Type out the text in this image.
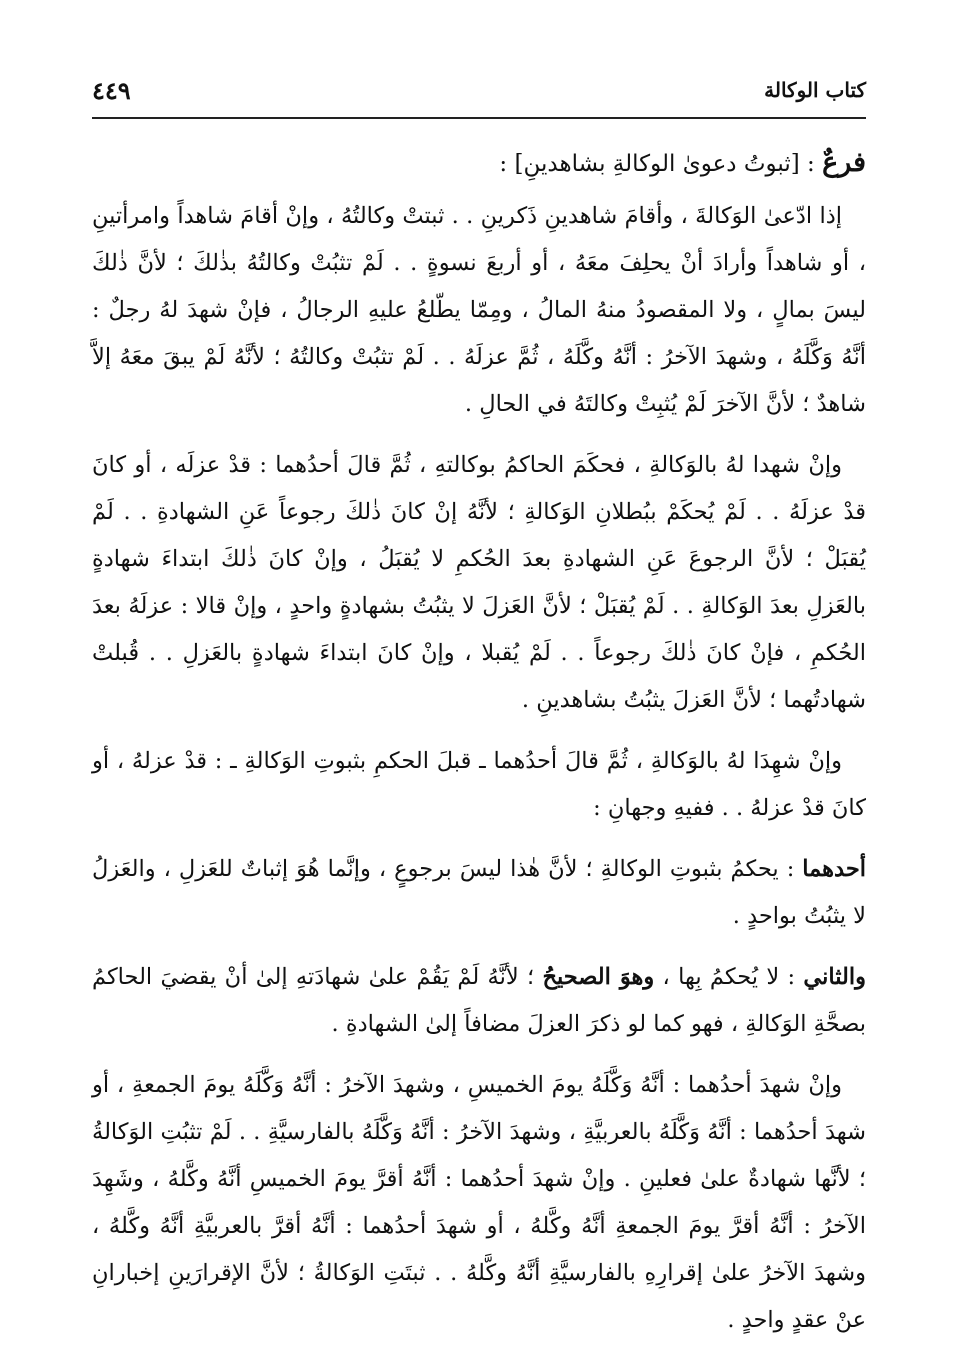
كتاب الوكالة
٤٤٩
فرعٌ : [ثبوتُ دعوىٰ الوكالةِ بشاهدينِ] :

إذا ادّعىٰ الوَكالةَ ، وأقامَ شاهدينِ ذَكرينِ . . ثبتتْ وكالتُهُ ، وإنْ أقامَ شاهداً وامرأتينِ ، أو شاهداً وأرادَ أنْ يحلِفَ معَهُ ، أو أربعَ نسوةٍ . . لَمْ تثبُتْ وكالتُهُ بذٰلكَ ؛ لأنَّ ذٰلكَ ليسَ بمالٍ ، ولا المقصودُ منهُ المالُ ، ومِمّا يطّلعُ عليهِ الرجالُ ، فإنْ شهدَ لهُ رجلٌ : أنَّهُ وَكَّلَهُ ، وشهدَ الآخرُ : أنَّهُ وكَّلَهُ ، ثُمَّ عزلَهُ . . لَمْ تثبُتْ وكالتُهُ ؛ لأنَّهُ لَمْ يبقَ معَهُ إلاَّ شاهدٌ ؛ لأنَّ الآخرَ لَمْ يُثبِتْ وكالتَهُ في الحالِ .

وإنْ شهدا لهُ بالوَكالةِ ، فحكَمَ الحاكمُ بوكالتهِ ، ثُمَّ قالَ أحدُهما : قدْ عزلَه ، أو كانَ قدْ عزلَهُ . . لَمْ يُحكَمْ ببُطلانِ الوَكالةِ ؛ لأنَّهُ إنْ كانَ ذٰلكَ رجوعاً عَنِ الشهادةِ . . لَمْ يُقبَلْ ؛ لأنَّ الرجوعَ عَنِ الشهادةِ بعدَ الحُكمِ لا يُقبَلُ ، وإنْ كانَ ذٰلكَ ابتداءَ شهادةٍ بالعَزلِ بعدَ الوَكالةِ . . لَمْ يُقبَلْ ؛ لأنَّ العَزلَ لا يثبُتُ بشهادةٍ واحدٍ ، وإنْ قالا : عزلَهُ بعدَ الحُكمِ ، فإنْ كانَ ذٰلكَ رجوعاً . . لَمْ يُقبلا ، وإنْ كانَ ابتداءَ شهادةٍ بالعَزلِ . . قُبلتْ شهادتُهما ؛ لأنَّ العَزلَ يثبُتُ بشاهدينِ .

وإنْ شهِدَا لهُ بالوَكالةِ ، ثُمَّ قالَ أحدُهما ـ قبلَ الحكمِ بثبوتِ الوَكالةِ ـ : قدْ عزلهُ ، أو كانَ قدْ عزلهُ . . ففيهِ وجهانِ :

أحدهما : يحكمُ بثبوتِ الوكالةِ ؛ لأنَّ هٰذا ليسَ برجوعٍ ، وإنَّما هُوَ إثباتٌ للعَزلِ ، والعَزلُ لا يثبُتُ بواحدٍ .

والثاني : لا يُحكمُ بِها ، وهوَ الصحيحُ ؛ لأنَّهُ لَمْ يَقُمْ علىٰ شهادَتهِ إلىٰ أنْ يقضيَ الحاكمُ بصحَّةِ الوَكالةِ ، فهو كما لو ذكرَ العزلَ مضافاً إلىٰ الشهادةِ .

وإنْ شهدَ أحدُهما : أنَّهُ وَكَّلَهُ يومَ الخميسِ ، وشهدَ الآخرُ : أنَّهُ وَكَّلَهُ يومَ الجمعةِ ، أو شهدَ أحدُهما : أنَّهُ وَكَّلَهُ بالعربيَّةِ ، وشهدَ الآخرُ : أنَّهُ وَكَّلَهُ بالفارسيَّةِ . . لَمْ تثبُتِ الوَكالةُ ؛ لأنَّها شهادةٌ علىٰ فعلينِ . وإنْ شهدَ أحدُهما : أنَّهُ أقرَّ يومَ الخميسِ أنَّهُ وكَّلهُ ، وشَهِدَ الآخرُ : أنَّهُ أقرَّ يومَ الجمعةِ أنَّهُ وكَّلهُ ، أو شهدَ أحدُهما : أنَّهُ أقرَّ بالعربيَّةِ أنَّهُ وكَّلهُ ، وشهدَ الآخرُ علىٰ إقرارِهِ بالفارسيَّةِ أنَّهُ وكَّلهُ . . ثبتَتِ الوَكالةُ ؛ لأنَّ الإقرارَينِ إخبارانِ عنْ عقدٍ واحدٍ .
